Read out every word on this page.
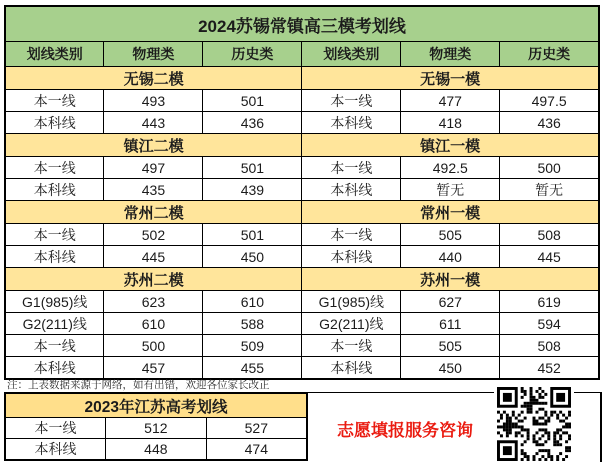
2024苏锡常镇高三模考划线					
划线类别	物理类	历史类	划线类别	物理类	历史类
无锡二模			无锡一模		
本一线	493	501	本一线	477	497.5
本科线	443	436	本科线	418	436
镇江二模			镇江一模		
本一线	497	501	本一线	492.5	500
本科线	435	439	本科线	暂无	暂无
常州二模			常州一模		
本一线	502	501	本一线	505	508
本科线	445	450	本科线	440	445
苏州二模			苏州一模		
G1(985)线	623	610	G1(985)线	627	619
G2(211)线	610	588	G2(211)线	611	594
本一线	500	509	本一线	505	508
本科线	457	455	本科线	450	452
注：上表数据来源于网络，如有出错，欢迎各位家长改正
2023年江苏高考划线		
本一线	512	527
本科线	448	474
志愿填报服务咨询
